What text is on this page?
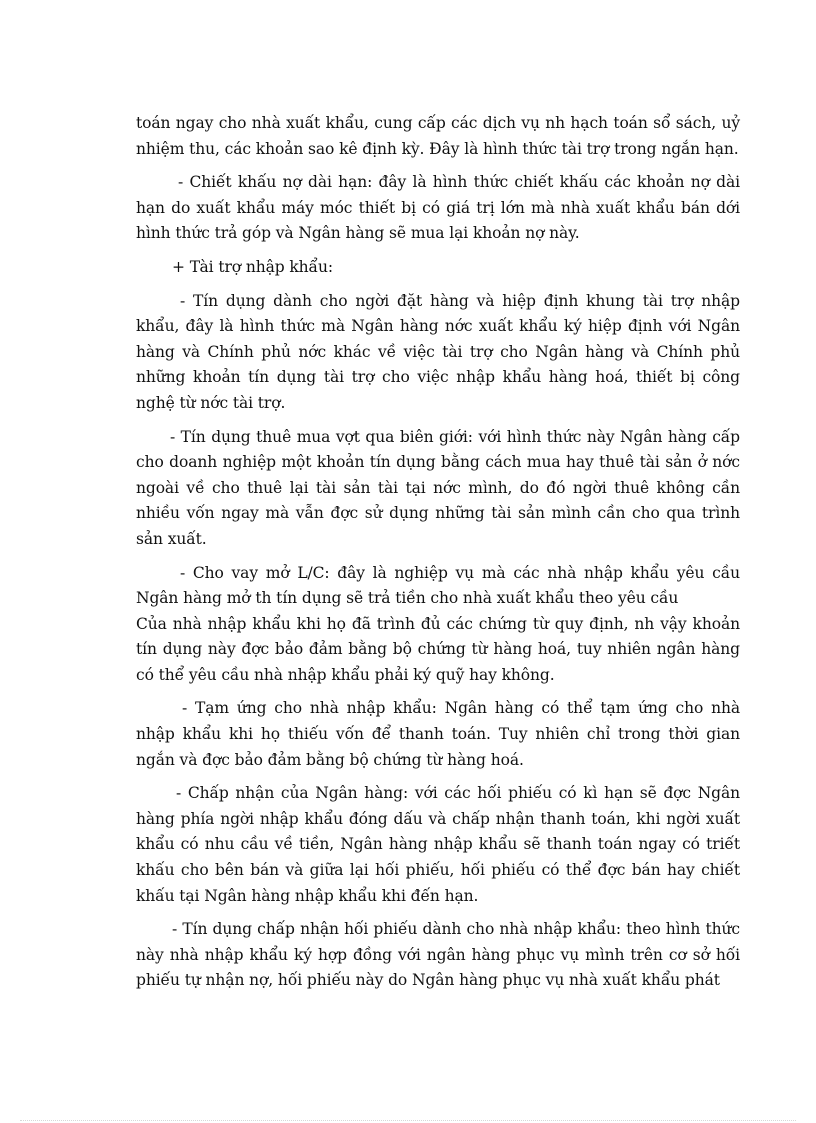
toán ngay cho nhà xuất khẩu, cung cấp các dịch vụ nh hạch toán sổ sách, uỷ nhiệm thu, các khoản sao kê định kỳ. Đây là hình thức tài trợ trong ngắn hạn.

- Chiết khấu nợ dài hạn: đây là hình thức chiết khấu các khoản nợ dài hạn do xuất khẩu máy móc thiết bị có giá trị lớn mà nhà xuất khẩu bán dới hình thức trả góp và Ngân hàng sẽ mua lại khoản nợ này.

+ Tài trợ nhập khẩu:

- Tín dụng dành cho ngời đặt hàng và hiệp định khung tài trợ nhập khẩu, đây là hình thức mà Ngân hàng nớc xuất khẩu ký hiệp định với Ngân hàng và Chính phủ nớc khác về việc tài trợ cho Ngân hàng và Chính phủ những khoản tín dụng tài trợ cho việc nhập khẩu hàng hoá, thiết bị công nghệ từ nớc tài trợ.

- Tín dụng thuê mua vợt qua biên giới: với hình thức này Ngân hàng cấp cho doanh nghiệp một khoản tín dụng bằng cách mua hay thuê tài sản ở nớc ngoài về cho thuê lại tài sản tài tại nớc mình, do đó ngời thuê không cần nhiều vốn ngay mà vẫn đợc sử dụng những tài sản mình cần cho qua trình sản xuất.

- Cho vay mở L/C: đây là nghiệp vụ mà các nhà nhập khẩu yêu cầu Ngân hàng mở th tín dụng sẽ trả tiền cho nhà xuất khẩu theo yêu cầu

Của nhà nhập khẩu khi họ đã trình đủ các chứng từ quy định, nh vậy khoản tín dụng này đợc bảo đảm bằng bộ chứng từ hàng hoá, tuy nhiên ngân hàng có thể yêu cầu nhà nhập khẩu phải ký quỹ hay không.

- Tạm ứng cho nhà nhập khẩu: Ngân hàng có thể tạm ứng cho nhà nhập khẩu khi họ thiếu vốn để thanh toán. Tuy nhiên chỉ trong thời gian ngắn và đợc bảo đảm bằng bộ chứng từ hàng hoá.

- Chấp nhận của Ngân hàng: với các hối phiếu có kì hạn sẽ đợc Ngân hàng phía ngời nhập khẩu đóng dấu và chấp nhận thanh toán, khi ngời xuất khẩu có nhu cầu về tiền, Ngân hàng nhập khẩu sẽ thanh toán ngay có triết khấu cho bên bán và giữa lại hối phiếu, hối phiếu có thể đợc bán hay chiết khấu tại Ngân hàng nhập khẩu khi đến hạn.

- Tín dụng chấp nhận hối phiếu dành cho nhà nhập khẩu: theo hình thức này nhà nhập khẩu ký hợp đồng với ngân hàng phục vụ mình trên cơ sở hối phiếu tự nhận nợ, hối phiếu này do Ngân hàng phục vụ nhà xuất khẩu phát
